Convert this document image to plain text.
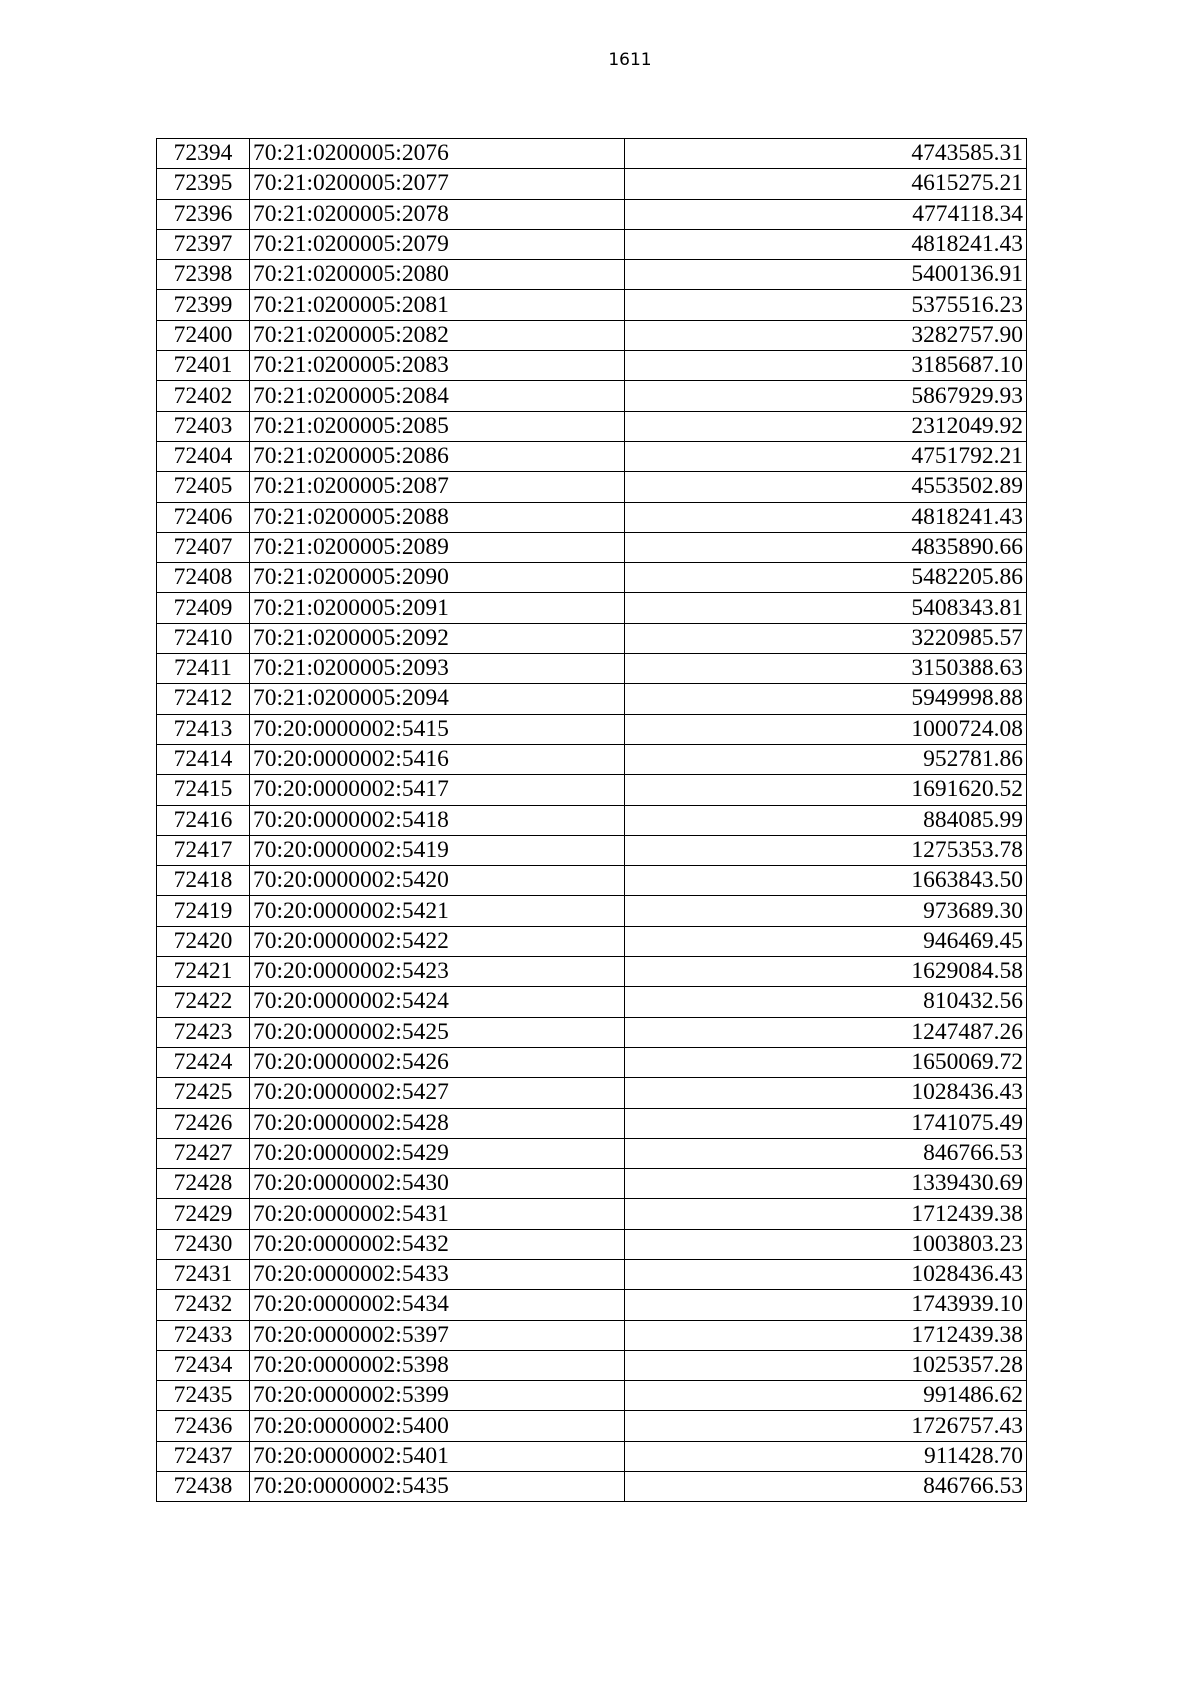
1611
72394	70:21:0200005:2076	4743585.31
72395	70:21:0200005:2077	4615275.21
72396	70:21:0200005:2078	4774118.34
72397	70:21:0200005:2079	4818241.43
72398	70:21:0200005:2080	5400136.91
72399	70:21:0200005:2081	5375516.23
72400	70:21:0200005:2082	3282757.90
72401	70:21:0200005:2083	3185687.10
72402	70:21:0200005:2084	5867929.93
72403	70:21:0200005:2085	2312049.92
72404	70:21:0200005:2086	4751792.21
72405	70:21:0200005:2087	4553502.89
72406	70:21:0200005:2088	4818241.43
72407	70:21:0200005:2089	4835890.66
72408	70:21:0200005:2090	5482205.86
72409	70:21:0200005:2091	5408343.81
72410	70:21:0200005:2092	3220985.57
72411	70:21:0200005:2093	3150388.63
72412	70:21:0200005:2094	5949998.88
72413	70:20:0000002:5415	1000724.08
72414	70:20:0000002:5416	952781.86
72415	70:20:0000002:5417	1691620.52
72416	70:20:0000002:5418	884085.99
72417	70:20:0000002:5419	1275353.78
72418	70:20:0000002:5420	1663843.50
72419	70:20:0000002:5421	973689.30
72420	70:20:0000002:5422	946469.45
72421	70:20:0000002:5423	1629084.58
72422	70:20:0000002:5424	810432.56
72423	70:20:0000002:5425	1247487.26
72424	70:20:0000002:5426	1650069.72
72425	70:20:0000002:5427	1028436.43
72426	70:20:0000002:5428	1741075.49
72427	70:20:0000002:5429	846766.53
72428	70:20:0000002:5430	1339430.69
72429	70:20:0000002:5431	1712439.38
72430	70:20:0000002:5432	1003803.23
72431	70:20:0000002:5433	1028436.43
72432	70:20:0000002:5434	1743939.10
72433	70:20:0000002:5397	1712439.38
72434	70:20:0000002:5398	1025357.28
72435	70:20:0000002:5399	991486.62
72436	70:20:0000002:5400	1726757.43
72437	70:20:0000002:5401	911428.70
72438	70:20:0000002:5435	846766.53
